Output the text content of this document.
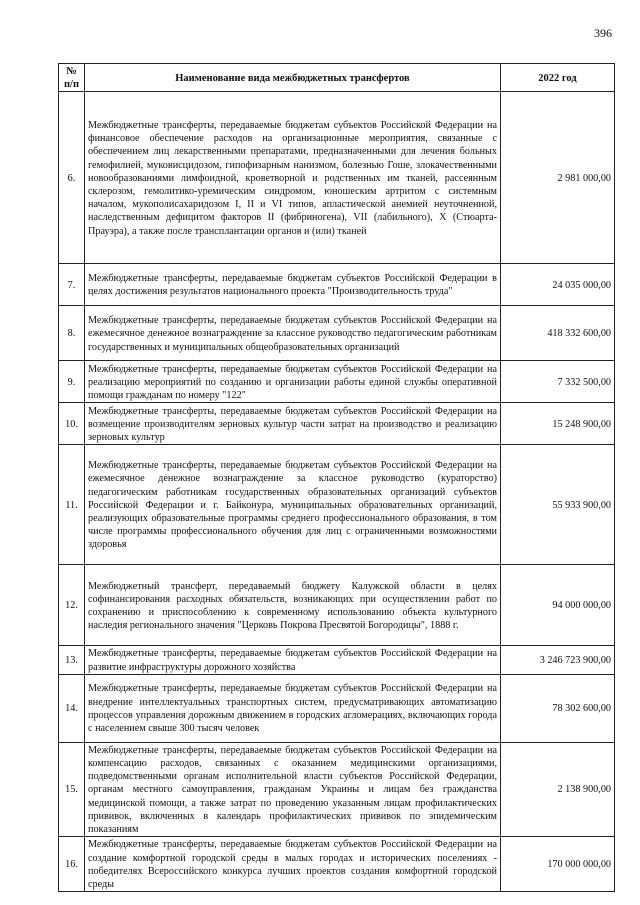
396
№ п/п	Наименование вида межбюджетных трансфертов	2022 год
6.	Межбюджетные трансферты, передаваемые бюджетам субъектов Российской Федерации на финансовое обеспечение расходов на организационные мероприятия, связанные с обеспечением лиц лекарственными препаратами, предназначенными для лечения больных гемофилией, муковисцидозом, гипофизарным нанизмом, болезнью Гоше, злокачественными новообразованиями лимфоидной, кроветворной и родственных им тканей, рассеянным склерозом, гемолитико-уремическим синдромом, юношеским артритом с системным началом, мукополисахаридозом I, II и VI типов, апластической анемией неуточненной, наследственным дефицитом факторов II (фибриногена), VII (лабильного), X (Стюарта-Прауэра), а также после трансплантации органов и (или) тканей	2 981 000,00
7.	Межбюджетные трансферты, передаваемые бюджетам субъектов Российской Федерации в целях достижения результатов национального проекта "Производительность труда"	24 035 000,00
8.	Межбюджетные трансферты, передаваемые бюджетам субъектов Российской Федерации на ежемесячное денежное вознаграждение за классное руководство педагогическим работникам государственных и муниципальных общеобразовательных организаций	418 332 600,00
9.	Межбюджетные трансферты, передаваемые бюджетам субъектов Российской Федерации на реализацию мероприятий по созданию и организации работы единой службы оперативной помощи гражданам по номеру "122"	7 332 500,00
10.	Межбюджетные трансферты, передаваемые бюджетам субъектов Российской Федерации на возмещение производителям зерновых культур части затрат на производство и реализацию зерновых культур	15 248 900,00
11.	Межбюджетные трансферты, передаваемые бюджетам субъектов Российской Федерации на ежемесячное денежное вознаграждение за классное руководство (кураторство) педагогическим работникам государственных образовательных организаций субъектов Российской Федерации и г. Байконура, муниципальных образовательных организаций, реализующих образовательные программы среднего профессионального образования, в том числе программы профессионального обучения для лиц с ограниченными возможностями здоровья	55 933 900,00
12.	Межбюджетный трансферт, передаваемый бюджету Калужской области в целях софинансирования расходных обязательств, возникающих при осуществлении работ по сохранению и приспособлению к современному использованию объекта культурного наследия регионального значения "Церковь Покрова Пресвятой Богородицы", 1888 г.	94 000 000,00
13.	Межбюджетные трансферты, передаваемые бюджетам субъектов Российской Федерации на развитие инфраструктуры дорожного хозяйства	3 246 723 900,00
14.	Межбюджетные трансферты, передаваемые бюджетам субъектов Российской Федерации на внедрение интеллектуальных транспортных систем, предусматривающих автоматизацию процессов управления дорожным движением в городских агломерациях, включающих города с населением свыше 300 тысяч человек	78 302 600,00
15.	Межбюджетные трансферты, передаваемые бюджетам субъектов Российской Федерации на компенсацию расходов, связанных с оказанием медицинскими организациями, подведомственными органам исполнительной власти субъектов Российской Федерации, органам местного самоуправления, гражданам Украины и лицам без гражданства медицинской помощи, а также затрат по проведению указанным лицам профилактических прививок, включенных в календарь профилактических прививок по эпидемическим показаниям	2 138 900,00
16.	Межбюджетные трансферты, передаваемые бюджетам субъектов Российской Федерации на создание комфортной городской среды в малых городах и исторических поселениях - победителях Всероссийского конкурса лучших проектов создания комфортной городской среды	170 000 000,00
